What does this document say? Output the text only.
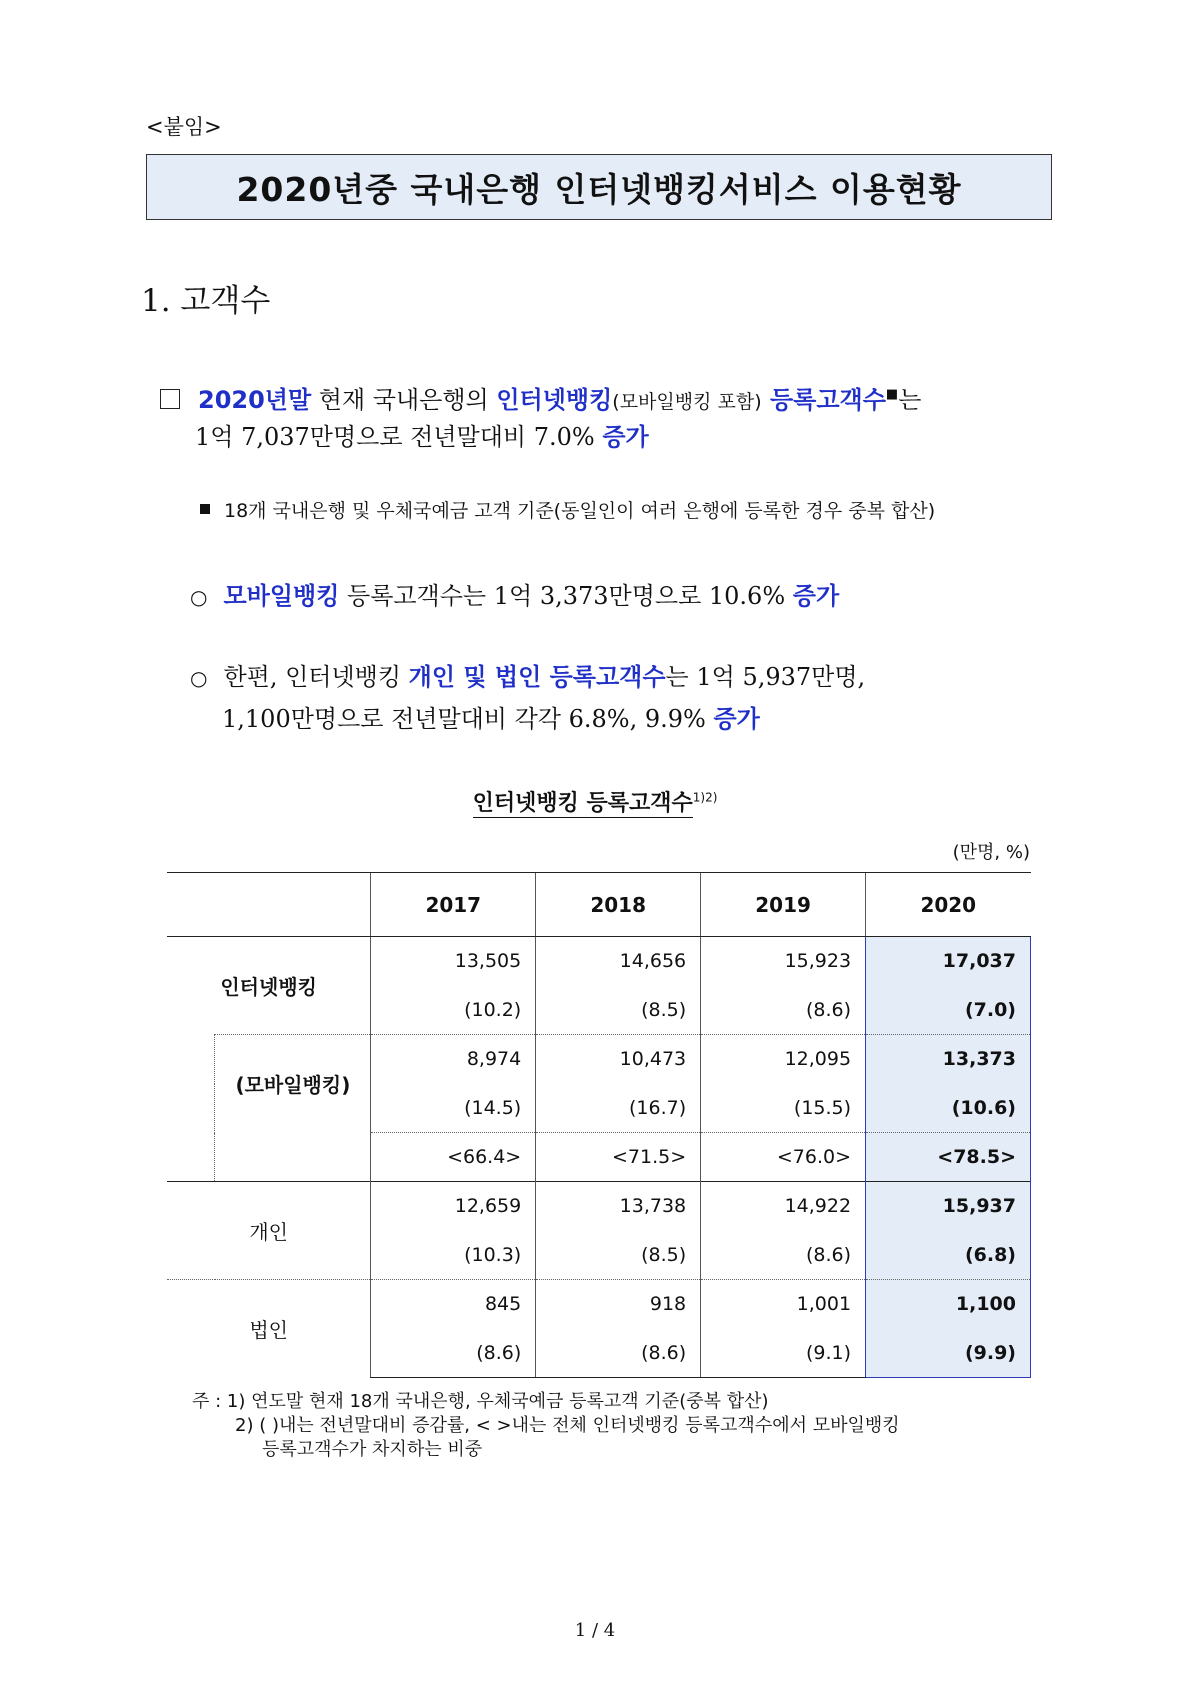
<붙임>
2020년중 국내은행 인터넷뱅킹서비스 이용현황
1. 고객수
2020년말 현재 국내은행의 인터넷뱅킹(모바일뱅킹 포함) 등록고객수■는
1억 7,037만명으로 전년말대비 7.0% 증가
18개 국내은행 및 우체국예금 고객 기준(동일인이 여러 은행에 등록한 경우 중복 합산)
○ 모바일뱅킹 등록고객수는 1억 3,373만명으로 10.6% 증가
○ 한편, 인터넷뱅킹 개인 및 법인 등록고객수는 1억 5,937만명,
1,100만명으로 전년말대비 각각 6.8%, 9.9% 증가
인터넷뱅킹 등록고객수$^{1)2)}$
(만명, %)
		2017	2018	2019	2020
인터넷뱅킹		13,505	14,656	15,923	17,037
		(10.2)	(8.5)	(8.6)	(7.0)
	(모바일뱅킹)	8,974	10,473	12,095	13,373
		(14.5)	(16.7)	(15.5)	(10.6)
		<66.4>	<71.5>	<76.0>	<78.5>
개인		12,659	13,738	14,922	15,937
		(10.3)	(8.5)	(8.6)	(6.8)
법인		845	918	1,001	1,100
		(8.6)	(8.6)	(9.1)	(9.9)
주 : 1) 연도말 현재 18개 국내은행, 우체국예금 등록고객 기준(중복 합산)
2) ( )내는 전년말대비 증감률, < >내는 전체 인터넷뱅킹 등록고객수에서 모바일뱅킹
등록고객수가 차지하는 비중
1 / 4
